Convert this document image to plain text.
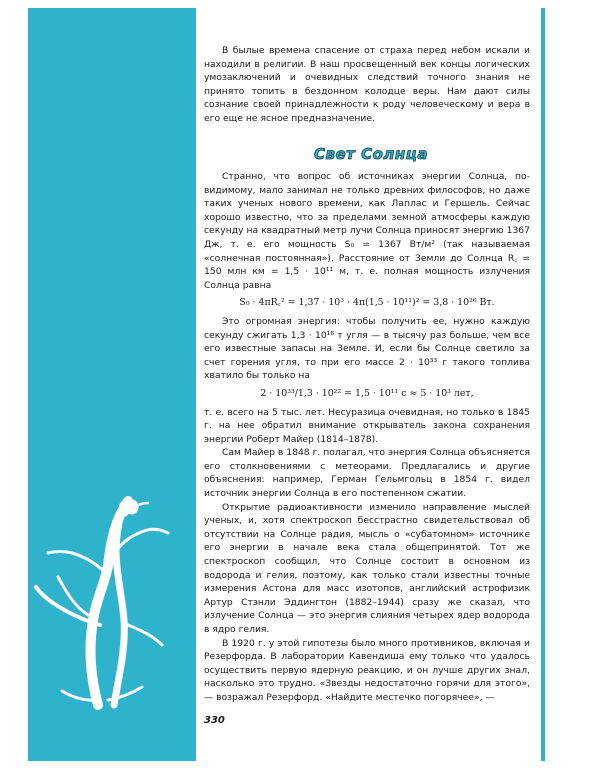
В былые времена спасение от страха перед небом искали и находили в религии. В наш просвещенный век концы логических умозаключений и очевидных следствий точного знания не принято топить в бездонном колодце веры. Нам дают силы сознание своей принадлежности к роду человеческому и вера в его еще не ясное предназначение.

Свет Солнца

Странно, что вопрос об источниках энергии Солнца, по-видимому, мало занимал не только древних философов, но даже таких ученых нового времени, как Лаплас и Гершель. Сейчас хорошо известно, что за пределами земной атмосферы каждую секунду на квадратный метр лучи Солнца приносят энергию 1367 Дж, т. е. его мощность S₀ = 1367 Вт/м² (так называемая «солнечная постоянная»). Расстояние от Земли до Солнца R꜀ = 150 млн км = 1,5 · 10¹¹ м, т. е. полная мощность излучения Солнца равна

S₀ · 4πR꜀² = 1,37 · 10³ · 4π(1,5 · 10¹¹)² = 3,8 · 10²⁶ Вт.

Это огромная энергия: чтобы получить ее, нужно каждую секунду сжигать 1,3 · 10¹⁶ т угля — в тысячу раз больше, чем все его известные запасы на Земле. И, если бы Солнце светило за счет горения угля, то при его массе 2 · 10³³ г такого топлива хватило бы только на

2 · 10³³/1,3 · 10²² = 1,5 · 10¹¹ с ≈ 5 · 10³ лет,

т. е. всего на 5 тыс. лет. Несуразица очевидная, но только в 1845 г. на нее обратил внимание открыватель закона сохранения энергии Роберт Майер (1814–1878).

Сам Майер в 1848 г. полагал, что энергия Солнца объясняется его столкновениями с метеорами. Предлагались и другие объяснения: например, Герман Гельмгольц в 1854 г. видел источник энергии Солнца в его постепенном сжатии.

Открытие радиоактивности изменило направление мыслей ученых, и, хотя спектроскоп бесстрастно свидетельствовал об отсутствии на Солнце радия, мысль о «субатомном» источнике его энергии в начале века стала общепринятой. Тот же спектроскоп сообщил, что Солнце состоит в основном из водорода и гелия, поэтому, как только стали известны точные измерения Астона для масс изотопов, английский астрофизик Артур Стэнли Эддингтон (1882–1944) сразу же сказал, что излучение Солнца — это энергия слияния четырех ядер водорода в ядро гелия.

В 1920 г. у этой гипотезы было много противников, включая и Резерфорда. В лаборатории Кавендиша ему только что удалось осуществить первую ядерную реакцию, и он лучше других знал, насколько это трудно. «Звезды недостаточно горячи для этого», — возражал Резерфорд. «Найдите местечко погорячее», —

330
